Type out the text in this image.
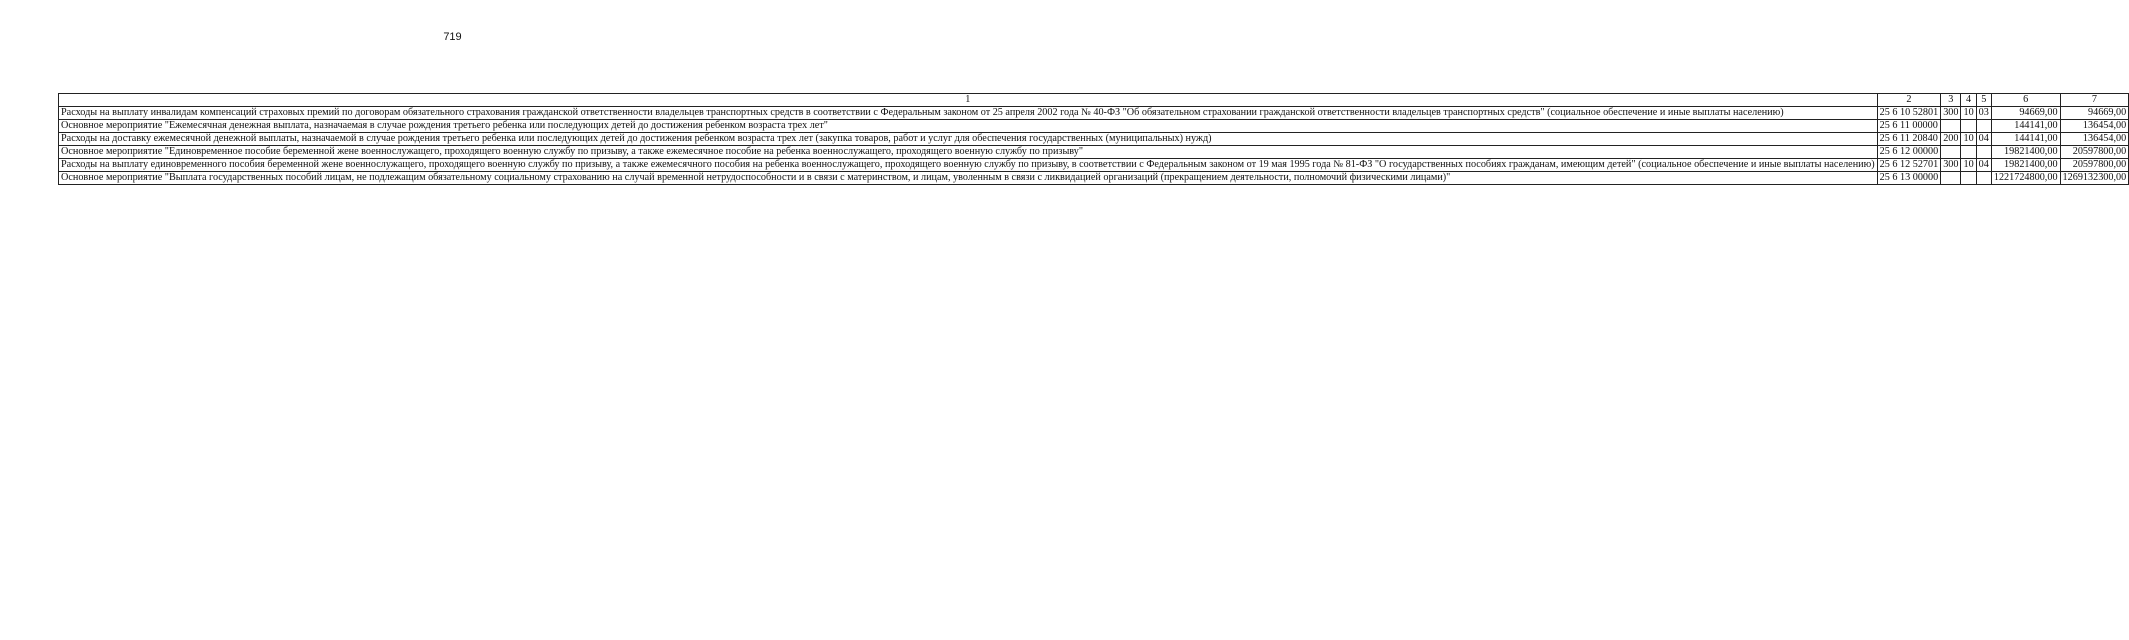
719
1	2	3	4	5	6	7
Расходы на выплату инвалидам компенсаций страховых премий по договорам обязательного страхования гражданской ответственности владельцев транспортных средств в соответствии с Федеральным законом от 25 апреля 2002 года № 40-ФЗ "Об обязательном страховании гражданской ответственности владельцев транспортных средств" (социальное обеспечение и иные выплаты населению)	25 6 10 52801	300	10	03	94669,00	94669,00
Основное мероприятие "Ежемесячная денежная выплата, назначаемая в случае рождения третьего ребенка или последующих детей до достижения ребенком возраста трех лет"	25 6 11 00000				144141,00	136454,00
Расходы на доставку ежемесячной денежной выплаты, назначаемой в случае рождения третьего ребенка или последующих детей до достижения ребенком возраста трех лет (закупка товаров, работ и услуг для обеспечения государственных (муниципальных) нужд)	25 6 11 20840	200	10	04	144141,00	136454,00
Основное мероприятие "Единовременное пособие беременной жене военнослужащего, проходящего военную службу по призыву, а также ежемесячное пособие на ребенка военнослужащего, проходящего военную службу по призыву"	25 6 12 00000				19821400,00	20597800,00
Расходы на выплату единовременного пособия беременной жене военнослужащего, проходящего военную службу по призыву, а также ежемесячного пособия на ребенка военнослужащего, проходящего военную службу по призыву, в соответствии с Федеральным законом от 19 мая 1995 года № 81-ФЗ "О государственных пособиях гражданам, имеющим детей" (социальное обеспечение и иные выплаты населению)	25 6 12 52701	300	10	04	19821400,00	20597800,00
Основное мероприятие "Выплата государственных пособий лицам, не подлежащим обязательному социальному страхованию на случай временной нетрудоспособности и в связи с материнством, и лицам, уволенным в связи с ликвидацией организаций (прекращением деятельности, полномочий физическими лицами)"	25 6 13 00000				1221724800,00	1269132300,00
